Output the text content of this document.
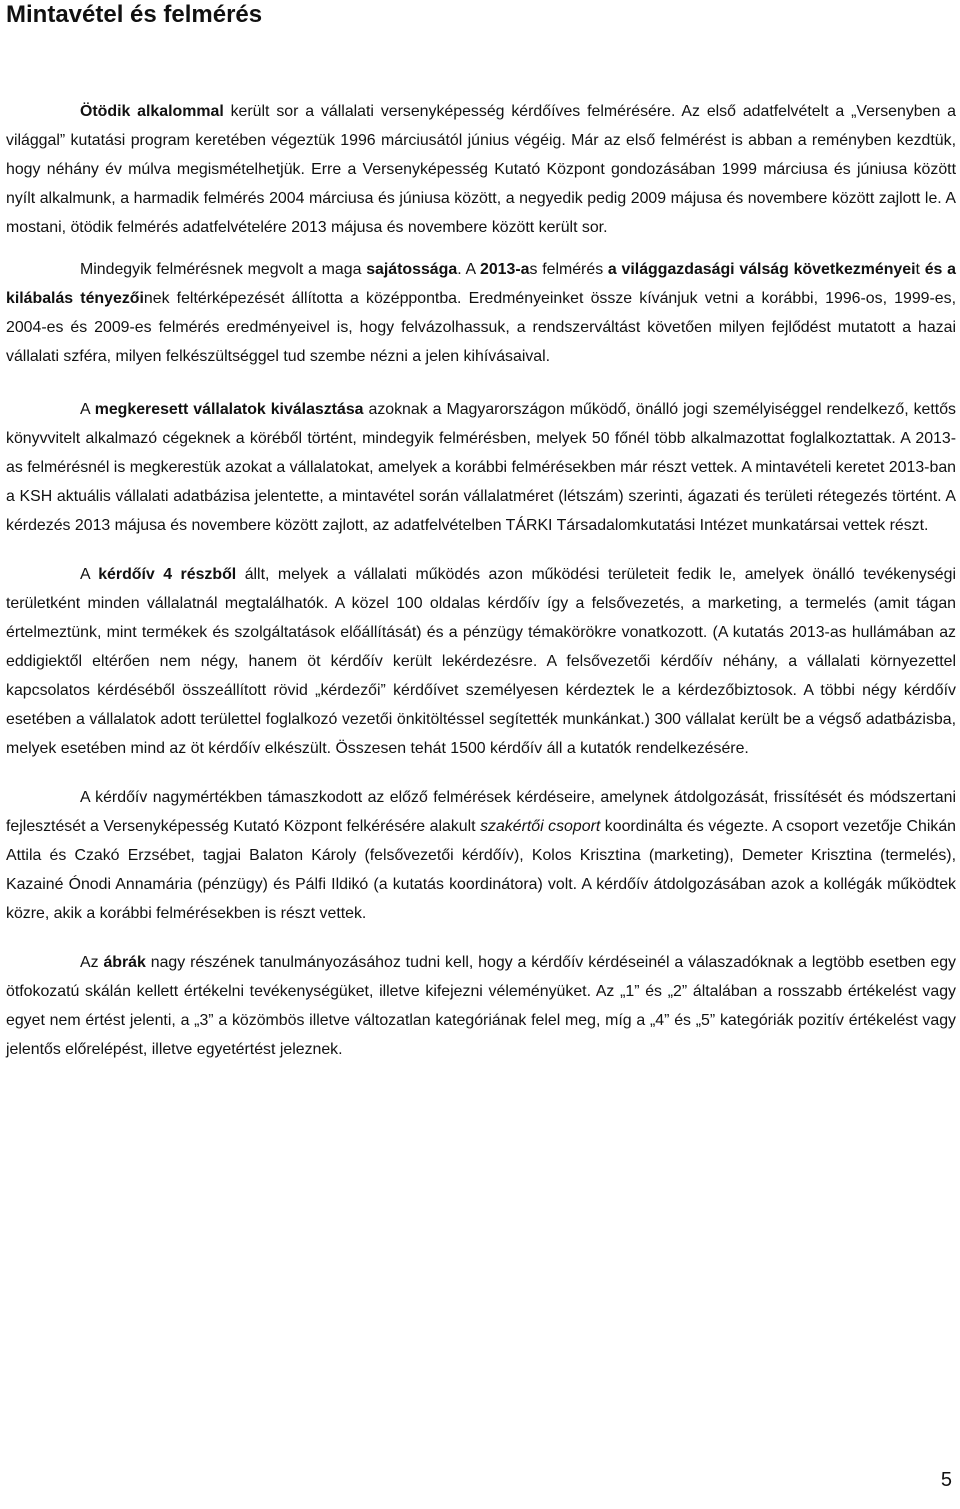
Mintavétel és felmérés

Ötödik alkalommal került sor a vállalati versenyképesség kérdőíves felmérésére. Az első adatfelvételt a „Versenyben a világgal” kutatási program keretében végeztük 1996 márciusától június végéig. Már az első felmérést is abban a reményben kezdtük, hogy néhány év múlva megismételhetjük. Erre a Versenyképesség Kutató Központ gondozásában 1999 márciusa és júniusa között nyílt alkalmunk, a harmadik felmérés 2004 márciusa és júniusa között, a negyedik pedig 2009 májusa és novembere között zajlott le. A mostani, ötödik felmérés adatfelvételére 2013 májusa és novembere között került sor.

Mindegyik felmérésnek megvolt a maga sajátossága. A 2013-as felmérés a világgazdasági válság következményeit és a kilábalás tényezőinek feltérképezését állította a középpontba. Eredményeinket össze kívánjuk vetni a korábbi, 1996-os, 1999-es, 2004-es és 2009-es felmérés eredményeivel is, hogy felvázolhassuk, a rendszerváltást követően milyen fejlődést mutatott a hazai vállalati szféra, milyen felkészültséggel tud szembe nézni a jelen kihívásaival.

A megkeresett vállalatok kiválasztása azoknak a Magyarországon működő, önálló jogi személyiséggel rendelkező, kettős könyvvitelt alkalmazó cégeknek a köréből történt, mindegyik felmérésben, melyek 50 főnél több alkalmazottat foglalkoztattak. A 2013-as felmérésnél is megkerestük azokat a vállalatokat, amelyek a korábbi felmérésekben már részt vettek. A mintavételi keretet 2013-ban a KSH aktuális vállalati adatbázisa jelentette, a mintavétel során vállalatméret (létszám) szerinti, ágazati és területi rétegezés történt. A kérdezés 2013 májusa és novembere között zajlott, az adatfelvételben TÁRKI Társadalomkutatási Intézet munkatársai vettek részt.

A kérdőív 4 részből állt, melyek a vállalati működés azon működési területeit fedik le, amelyek önálló tevékenységi területként minden vállalatnál megtalálhatók. A közel 100 oldalas kérdőív így a felsővezetés, a marketing, a termelés (amit tágan értelmeztünk, mint termékek és szolgáltatások előállítását) és a pénzügy témakörökre vonatkozott. (A kutatás 2013-as hullámában az eddigiektől eltérően nem négy, hanem öt kérdőív került lekérdezésre. A felsővezetői kérdőív néhány, a vállalati környezettel kapcsolatos kérdéséből összeállított rövid „kérdezői” kérdőívet személyesen kérdeztek le a kérdezőbiztosok. A többi négy kérdőív esetében a vállalatok adott területtel foglalkozó vezetői önkitöltéssel segítették munkánkat.) 300 vállalat került be a végső adatbázisba, melyek esetében mind az öt kérdőív elkészült. Összesen tehát 1500 kérdőív áll a kutatók rendelkezésére.

A kérdőív nagymértékben támaszkodott az előző felmérések kérdéseire, amelynek átdolgozását, frissítését és módszertani fejlesztését a Versenyképesség Kutató Központ felkérésére alakult szakértői csoport koordinálta és végezte. A csoport vezetője Chikán Attila és Czakó Erzsébet, tagjai Balaton Károly (felsővezetői kérdőív), Kolos Krisztina (marketing), Demeter Krisztina (termelés), Kazainé Ónodi Annamária (pénzügy) és Pálfi Ildikó (a kutatás koordinátora) volt. A kérdőív átdolgozásában azok a kollégák működtek közre, akik a korábbi felmérésekben is részt vettek.

Az ábrák nagy részének tanulmányozásához tudni kell, hogy a kérdőív kérdéseinél a válaszadóknak a legtöbb esetben egy ötfokozatú skálán kellett értékelni tevékenységüket, illetve kifejezni véleményüket. Az „1” és „2” általában a rosszabb értékelést vagy egyet nem értést jelenti, a „3” a közömbös illetve változatlan kategóriának felel meg, míg a „4” és „5” kategóriák pozitív értékelést vagy jelentős előrelépést, illetve egyetértést jeleznek.

5
